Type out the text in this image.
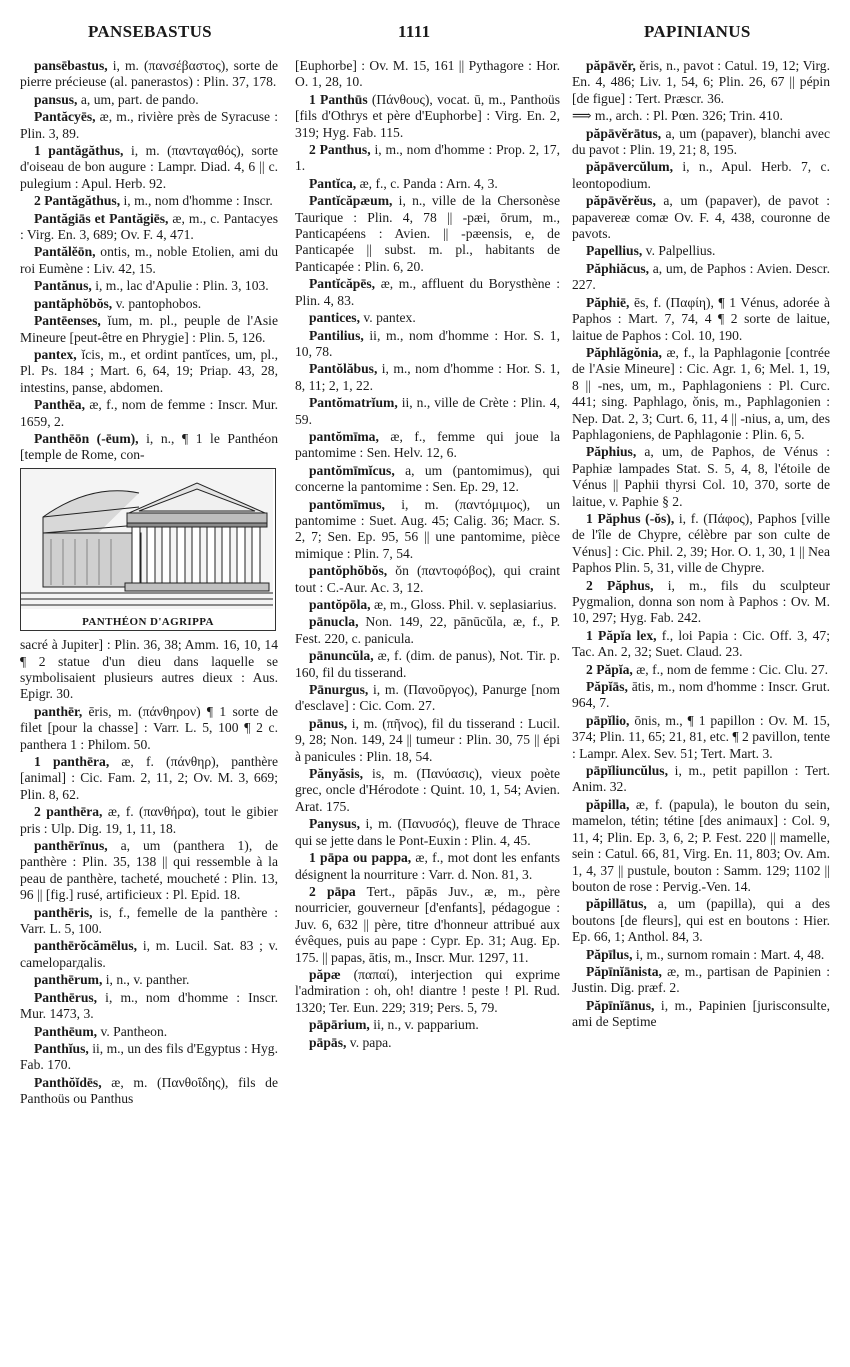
PANSEBASTUS	1111	PAPINIANUS

pansēbastus, i, m. (πανσέβαστος), sorte de pierre précieuse (al. panerastos) : Plin. 37, 178.

pansus, a, um, part. de pando.

Pantăcyēs, æ, m., rivière près de Syracuse : Plin. 3, 89.

1 pantăgăthus, i, m. (πανταγαθός), sorte d'oiseau de bon augure : Lampr. Diad. 4, 6 || c. pulegium : Apul. Herb. 92.

2 Pantăgăthus, i, m., nom d'homme : Inscr.

Pantăgiās et Pantăgiēs, æ, m., c. Pantacyes : Virg. En. 3, 689; Ov. F. 4, 471.

Pantălĕōn, ontis, m., noble Etolien, ami du roi Eumène : Liv. 42, 15.

Pantănus, i, m., lac d'Apulie : Plin. 3, 103.

pantăphŏbŏs, v. pantophobos.

Pantēenses, ĭum, m. pl., peuple de l'Asie Mineure [peut-être en Phrygie] : Plin. 5, 126.

pantex, ĭcis, m., et ordint pantĭces, um, pl., Pl. Ps. 184 ; Mart. 6, 64, 19; Priap. 43, 28, intestins, panse, abdomen.

Panthēa, æ, f., nom de femme : Inscr. Mur. 1659, 2.

Panthēōn (-ēum), i, n., ¶ 1 le Panthéon [temple de Rome, con-

PANTHÉON D'AGRIPPA

sacré à Jupiter] : Plin. 36, 38; Amm. 16, 10, 14 ¶ 2 statue d'un dieu dans laquelle se symbolisaient plusieurs autres dieux : Aus. Epigr. 30.

panthēr, ēris, m. (πάνθηρον) ¶ 1 sorte de filet [pour la chasse] : Varr. L. 5, 100 ¶ 2 c. panthera 1 : Philom. 50.

1 panthēra, æ, f. (πάνθηρ), panthère [animal] : Cic. Fam. 2, 11, 2; Ov. M. 3, 669; Plin. 8, 62.

2 panthēra, æ, f. (πανθήρα), tout le gibier pris : Ulp. Dig. 19, 1, 11, 18.

panthērīnus, a, um (panthera 1), de panthère : Plin. 35, 138 || qui ressemble à la peau de panthère, tacheté, moucheté : Plin. 13, 96 || [fig.] rusé, artificieux : Pl. Epid. 18.

panthēris, is, f., femelle de la panthère : Varr. L. 5, 100.

panthērŏcămēlus, i, m. Lucil. Sat. 83 ; v. cameloparдalis.

panthērum, i, n., v. panther.

Panthērus, i, m., nom d'homme : Inscr. Mur. 1473, 3.

Panthēum, v. Pantheon.

Panthĭus, ii, m., un des fils d'Egyptus : Hyg. Fab. 170.

Panthŏĭdēs, æ, m. (Πανθοΐδης), fils de Panthoüs ou Panthus

[Euphorbe] : Ov. M. 15, 161 || Pythagore : Hor. O. 1, 28, 10.

1 Panthūs (Πάνθους), vocat. ū, m., Panthoüs [fils d'Othrys et père d'Euphorbe] : Virg. En. 2, 319; Hyg. Fab. 115.

2 Panthus, i, m., nom d'homme : Prop. 2, 17, 1.

Pantĭca, æ, f., c. Panda : Arn. 4, 3.

Pantĭcăpæum, i, n., ville de la Chersonèse Taurique : Plin. 4, 78 || -pæi, ōrum, m., Panticapéens : Avien. || -pæensis, e, de Panticapée || subst. m. pl., habitants de Panticapée : Plin. 6, 20.

Pantĭcăpēs, æ, m., affluent du Borysthène : Plin. 4, 83.

pantices, v. pantex.

Pantilius, ii, m., nom d'homme : Hor. S. 1, 10, 78.

Pantŏlăbus, i, m., nom d'homme : Hor. S. 1, 8, 11; 2, 1, 22.

Pantŏmatrĭum, ii, n., ville de Crète : Plin. 4, 59.

pantŏmīma, æ, f., femme qui joue la pantomime : Sen. Helv. 12, 6.

pantŏmīmĭcus, a, um (pantomimus), qui concerne la pantomime : Sen. Ep. 29, 12.

pantŏmīmus, i, m. (παντόμιμος), un pantomime : Suet. Aug. 45; Calig. 36; Macr. S. 2, 7; Sen. Ep. 95, 56 || une pantomime, pièce mimique : Plin. 7, 54.

pantŏphŏbŏs, ŏn (παντοφόβος), qui craint tout : C.-Aur. Ac. 3, 12.

pantŏpōla, æ, m., Gloss. Phil. v. seplasiarius.

pānucla, Non. 149, 22, pānūcŭla, æ, f., P. Fest. 220, c. panicula.

pānuncŭla, æ, f. (dim. de panus), Not. Tir. p. 160, fil du tisserand.

Pānurgus, i, m. (Πανοῦργος), Panurge [nom d'esclave] : Cic. Com. 27.

pānus, i, m. (πῆνος), fil du tisserand : Lucil. 9, 28; Non. 149, 24 || tumeur : Plin. 30, 75 || épi à panicules : Plin. 18, 54.

Pănyăsis, is, m. (Πανύασις), vieux poète grec, oncle d'Hérodote : Quint. 10, 1, 54; Avien. Arat. 175.

Panysus, i, m. (Πανυσός), fleuve de Thrace qui se jette dans le Pont-Euxin : Plin. 4, 45.

1 pāpa ou pappa, æ, f., mot dont les enfants désignent la nourriture : Varr. d. Non. 81, 3.

2 pāpa Tert., pāpās Juv., æ, m., père nourricier, gouverneur [d'enfants], pédagogue : Juv. 6, 632 || père, titre d'honneur attribué aux évêques, puis au pape : Cypr. Ep. 31; Aug. Ep. 175. || papas, ātis, m., Inscr. Mur. 1297, 11.

păpæ (παπαί), interjection qui exprime l'admiration : oh, oh! diantre ! peste ! Pl. Rud. 1320; Ter. Eun. 229; 319; Pers. 5, 79.

pāpārium, ii, n., v. papparium.

pāpās, v. papa.

păpāvĕr, ĕris, n., pavot : Catul. 19, 12; Virg. En. 4, 486; Liv. 1, 54, 6; Plin. 26, 67 || pépin [de figue] : Tert. Præscr. 36.

⟹ m., arch. : Pl. Pœn. 326; Trin. 410.

păpāvĕrātus, a, um (papaver), blanchi avec du pavot : Plin. 19, 21; 8, 195.

păpāvercŭlum, i, n., Apul. Herb. 7, c. leontopodium.

păpāvĕrĕus, a, um (papaver), de pavot : papavereæ comæ Ov. F. 4, 438, couronne de pavots.

Papellius, v. Palpellius.

Păphiăcus, a, um, de Paphos : Avien. Descr. 227.

Păphiē, ēs, f. (Παφίη), ¶ 1 Vénus, adorée à Paphos : Mart. 7, 74, 4 ¶ 2 sorte de laitue, laitue de Paphos : Col. 10, 190.

Păphlăgŏnia, æ, f., la Paphlagonie [contrée de l'Asie Mineure] : Cic. Agr. 1, 6; Mel. 1, 19, 8 || -nes, um, m., Paphlagoniens : Pl. Curc. 441; sing. Paphlago, ŏnis, m., Paphlagonien : Nep. Dat. 2, 3; Curt. 6, 11, 4 || -nius, a, um, des Paphlagoniens, de Paphlagonie : Plin. 6, 5.

Păphius, a, um, de Paphos, de Vénus : Paphiæ lampades Stat. S. 5, 4, 8, l'étoile de Vénus || Paphii thyrsi Col. 10, 370, sorte de laitue, v. Paphie § 2.

1 Păphus (-ŏs), i, f. (Πάφος), Paphos [ville de l'île de Chypre, célèbre par son culte de Vénus] : Cic. Phil. 2, 39; Hor. O. 1, 30, 1 || Nea Paphos Plin. 5, 31, ville de Chypre.

2 Păphus, i, m., fils du sculpteur Pygmalion, donna son nom à Paphos : Ov. M. 10, 297; Hyg. Fab. 242.

1 Păpĭa lex, f., loi Papia : Cic. Off. 3, 47; Tac. An. 2, 32; Suet. Claud. 23.

2 Păpĭa, æ, f., nom de femme : Cic. Clu. 27.

Păpĭās, ātis, m., nom d'homme : Inscr. Grut. 964, 7.

pāpĭlio, ōnis, m., ¶ 1 papillon : Ov. M. 15, 374; Plin. 11, 65; 21, 81, etc. ¶ 2 pavillon, tente : Lampr. Alex. Sev. 51; Tert. Mart. 3.

pāpĭliuncŭlus, i, m., petit papillon : Tert. Anim. 32.

păpilla, æ, f. (papula), le bouton du sein, mamelon, tétin; tétine [des animaux] : Col. 9, 11, 4; Plin. Ep. 3, 6, 2; P. Fest. 220 || mamelle, sein : Catul. 66, 81, Virg. En. 11, 803; Ov. Am. 1, 4, 37 || pustule, bouton : Samm. 129; 1102 || bouton de rose : Pervig.-Ven. 14.

păpillātus, a, um (papilla), qui a des boutons [de fleurs], qui est en boutons : Hier. Ep. 66, 1; Anthol. 84, 3.

Păpīlus, i, m., surnom romain : Mart. 4, 48.

Păpīnĭānista, æ, m., partisan de Papinien : Justin. Dig. præf. 2.

Păpīnĭānus, i, m., Papinien [jurisconsulte, ami de Septime
